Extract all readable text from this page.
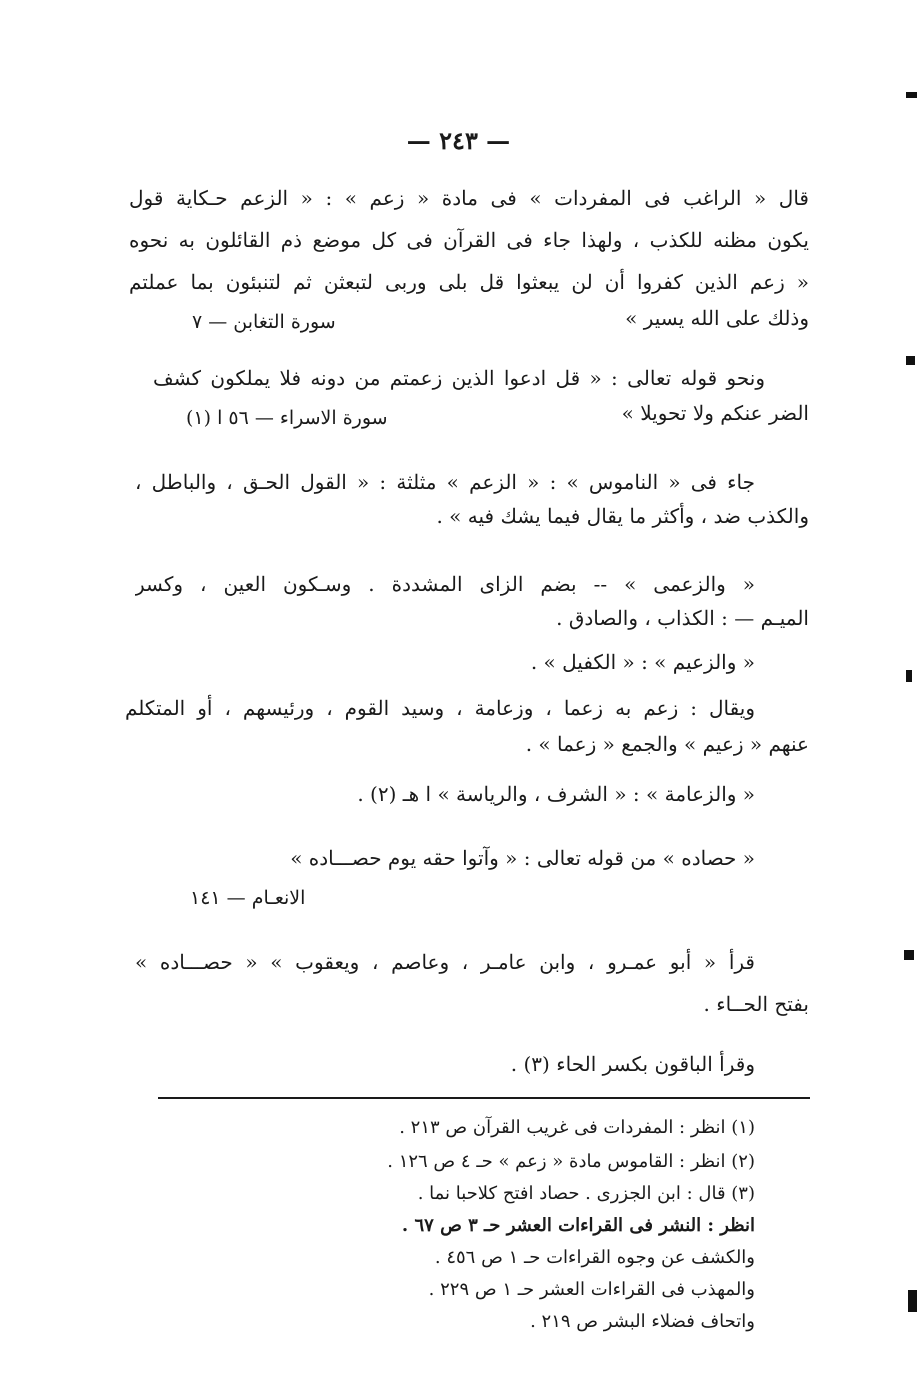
— ٢٤٣ —
قال « الراغب فى المفردات » فى مادة « زعم » : « الزعم حـكاية قول
يكون مظنه للكذب ، ولهذا جاء فى القرآن فى كل موضع ذم القائلون به نحوه
« زعم الذين كفروا أن لن يبعثوا قل بلى وربى لتبعثن ثم لتنبئون بما عملتم
وذلك على الله يسير »
سورة التغابن — ٧
ونحو قوله تعالى : « قل ادعوا الذين زعمتم من دونه فلا يملكون كشف
الضر عنكم ولا تحويلا »
سورة الاسراء — ٥٦ ا (١)
جاء فى « الناموس » : « الزعم » مثلثة : « القول الحـق ، والباطل ،
والكذب ضد ، وأكثر ما يقال فيما يشك فيه » .
« والزعمى » -- بضم الزاى المشددة . وسـكون العين ، وكسر
الميـم — : الكذاب ، والصادق .
« والزعيم » : « الكفيل » .
ويقال : زعم به زعما ، وزعامة ، وسيد القوم ، ورئيسهم ، أو المتكلم
عنهم « زعيم » والجمع « زعما » .
« والزعامة » : « الشرف ، والرياسة » ا هـ (٢) .
« حصاده » من قوله تعالى : « وآتوا حقه يوم حصـــاده »
الانعـام — ١٤١
قرأ « أبو عمـرو ، وابن عامـر ، وعاصم ، ويعقوب » « حصـــاده »
بفتح الحــاء .
وقرأ الباقون بكسر الحاء (٣) .
(١) انظر : المفردات فى غريب القرآن ص ٢١٣ .
(٢) انظر : القاموس مادة « زعم » حـ ٤ ص ١٢٦ .
(٣) قال : ابن الجزرى . حصاد افتح كلاحبا نما .
انظر : النشر فى القراءات العشر حـ ٣ ص ٦٧ .
والكشف عن وجوه القراءات حـ ١ ص ٤٥٦ .
والمهذب فى القراءات العشر حـ ١ ص ٢٢٩ .
واتحاف فضلاء البشر ص ٢١٩ .
